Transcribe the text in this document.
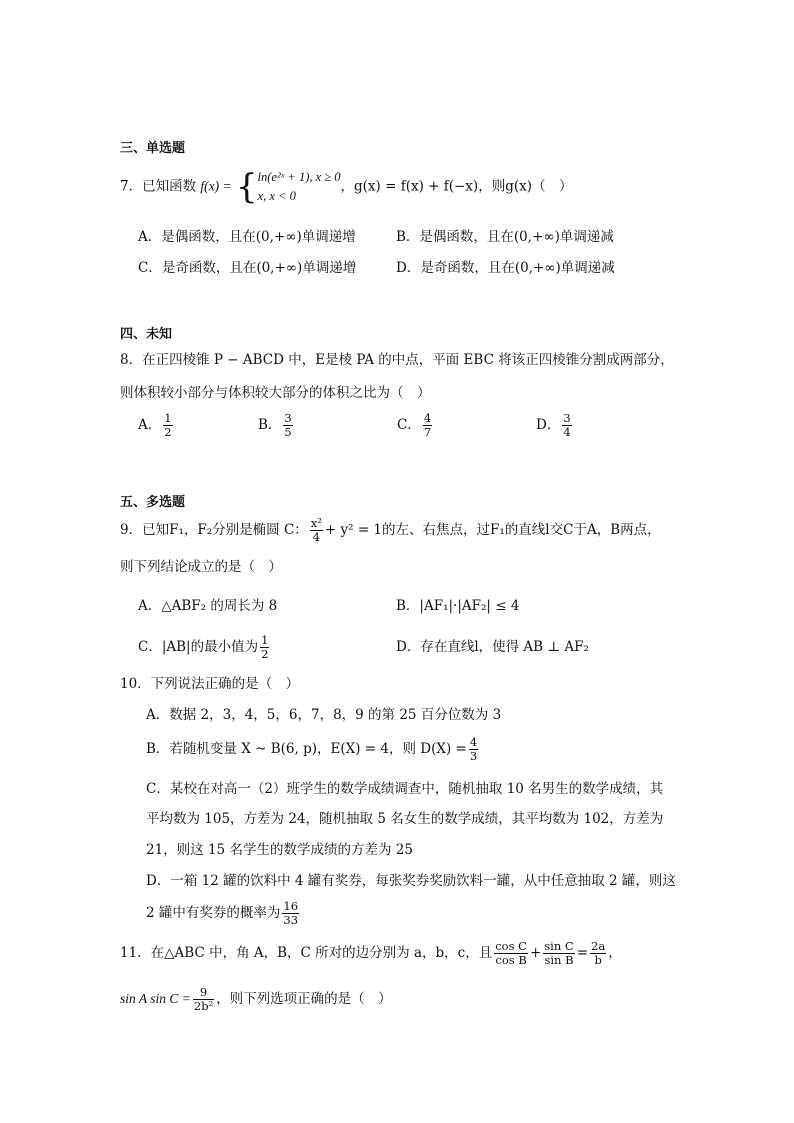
三、单选题
7．已知函数 f(x) = { ln(e²ˣ + 1), x ≥ 0
x, x < 0
，g(x) = f(x) + f(−x)，则g(x)（　）
A．是偶函数，且在(0,+∞)单调递增	B．是偶函数，且在(0,+∞)单调递减
C．是奇函数，且在(0,+∞)单调递增	D．是奇函数，且在(0,+∞)单调递减
四、未知
8．在正四棱锥 P − ABCD 中，E是棱 PA 的中点，平面 EBC 将该正四棱锥分割成两部分，
则体积较小部分与体积较大部分的体积之比为（　）
A． $\frac{1}{2}$	B． $\frac{3}{5}$	C． $\frac{4}{7}$	D． $\frac{3}{4}$
五、多选题
9．已知F₁，F₂分别是椭圆 C： $\frac{\text{x²}}{4} + y^2 = 1$的左、右焦点，过F₁的直线l交C于A，B两点，
则下列结论成立的是（　）
A．△ABF₂ 的周长为 8	B．|AF₁|·|AF₂| ≤ 4
C．|AB|的最小值为 $\frac{1}{2}$	D．存在直线l，使得 AB ⊥ AF₂
10．下列说法正确的是（　）
A．数据 2，3，4，5，6，7，8，9 的第 25 百分位数为 3
B．若随机变量 X ~ B(6, p)，E(X) = 4，则 $D(X) = \frac{4}{3}$
C．某校在对高一（2）班学生的数学成绩调查中，随机抽取 10 名男生的数学成绩，其
平均数为 105，方差为 24，随机抽取 5 名女生的数学成绩，其平均数为 102，方差为
21，则这 15 名学生的数学成绩的方差为 25
D．一箱 12 罐的饮料中 4 罐有奖券，每张奖券奖励饮料一罐，从中任意抽取 2 罐，则这
2 罐中有奖券的概率为 $\frac{16}{33}$
11．在△ABC 中，角 A，B，C 所对的边分别为 a，b，c，且 $\frac{\text{cos C}}{\text{cos B}} + \frac{\text{sin C}}{\text{sin B}} = \frac{2a}{b}$ ，
sin A $\sin C = \frac{9}{\text{2b²}}$ ，则下列选项正确的是（　）
